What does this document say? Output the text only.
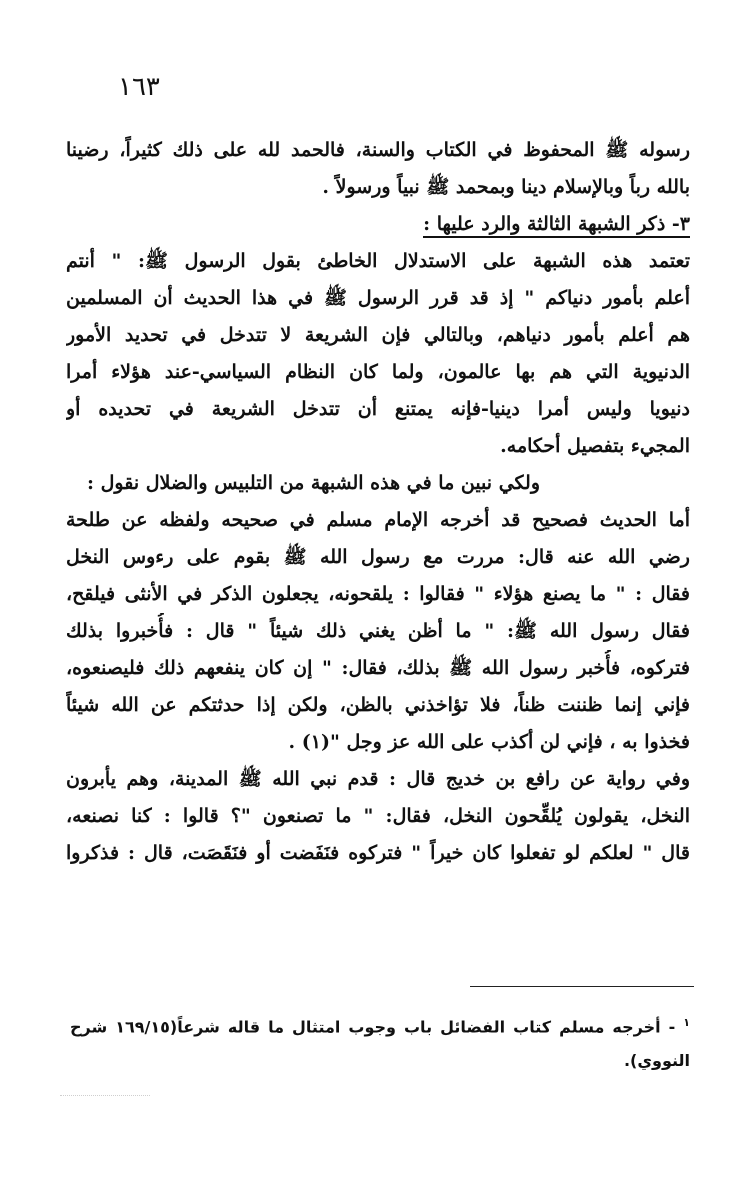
١٦٣
رسوله ﷺ المحفوظ في الكتاب والسنة، فالحمد لله على ذلك كثيراً، رضينا
بالله رباً وبالإسلام دينا وبمحمد ﷺ نبياً ورسولاً .
٣- ذكر الشبهة الثالثة والرد عليها :
تعتمد هذه الشبهة على الاستدلال الخاطئ بقول الرسول ﷺ: " أنتم
أعلم بأمور دنياكم " إذ قد قرر الرسول ﷺ في هذا الحديث أن المسلمين
هم أعلم بأمور دنياهم، وبالتالي فإن الشريعة لا تتدخل في تحديد الأمور
الدنيوية التي هم بها عالمون، ولما كان النظام السياسي-عند هؤلاء أمرا
دنيويا وليس أمرا دينيا-فإنه يمتنع أن تتدخل الشريعة في تحديده أو
المجيء بتفصيل أحكامه.
ولكي نبين ما في هذه الشبهة من التلبيس والضلال نقول :
أما الحديث فصحيح قد أخرجه الإمام مسلم في صحيحه ولفظه عن طلحة
رضي الله عنه قال: مررت مع رسول الله ﷺ بقوم على رءوس النخل
فقال : " ما يصنع هؤلاء " فقالوا : يلقحونه، يجعلون الذكر في الأنثى فيلقح،
فقال رسول الله ﷺ: " ما أظن يغني ذلك شيئاً " قال : فأُخبروا بذلك
فتركوه، فأُخبر رسول الله ﷺ بذلك، فقال: " إن كان ينفعهم ذلك فليصنعوه،
فإني إنما ظننت ظناً، فلا تؤاخذني بالظن، ولكن إذا حدثتكم عن الله شيئاً
فخذوا به ، فإني لن أكذب على الله عز وجل "(١) .
وفي رواية عن رافع بن خديج قال : قدم نبي الله ﷺ المدينة، وهم يأبرون
النخل، يقولون يُلقِّحون النخل، فقال: " ما تصنعون "؟ قالوا : كنا نصنعه،
قال " لعلكم لو تفعلوا كان خيراً " فتركوه فنَفَضت أو فنَقَصَت، قال : فذكروا
$^١$ - أخرجه مسلم كتاب الفضائل باب وجوب امتثال ما قاله شرعاً(١٦٩/١٥ شرح
النووي).
